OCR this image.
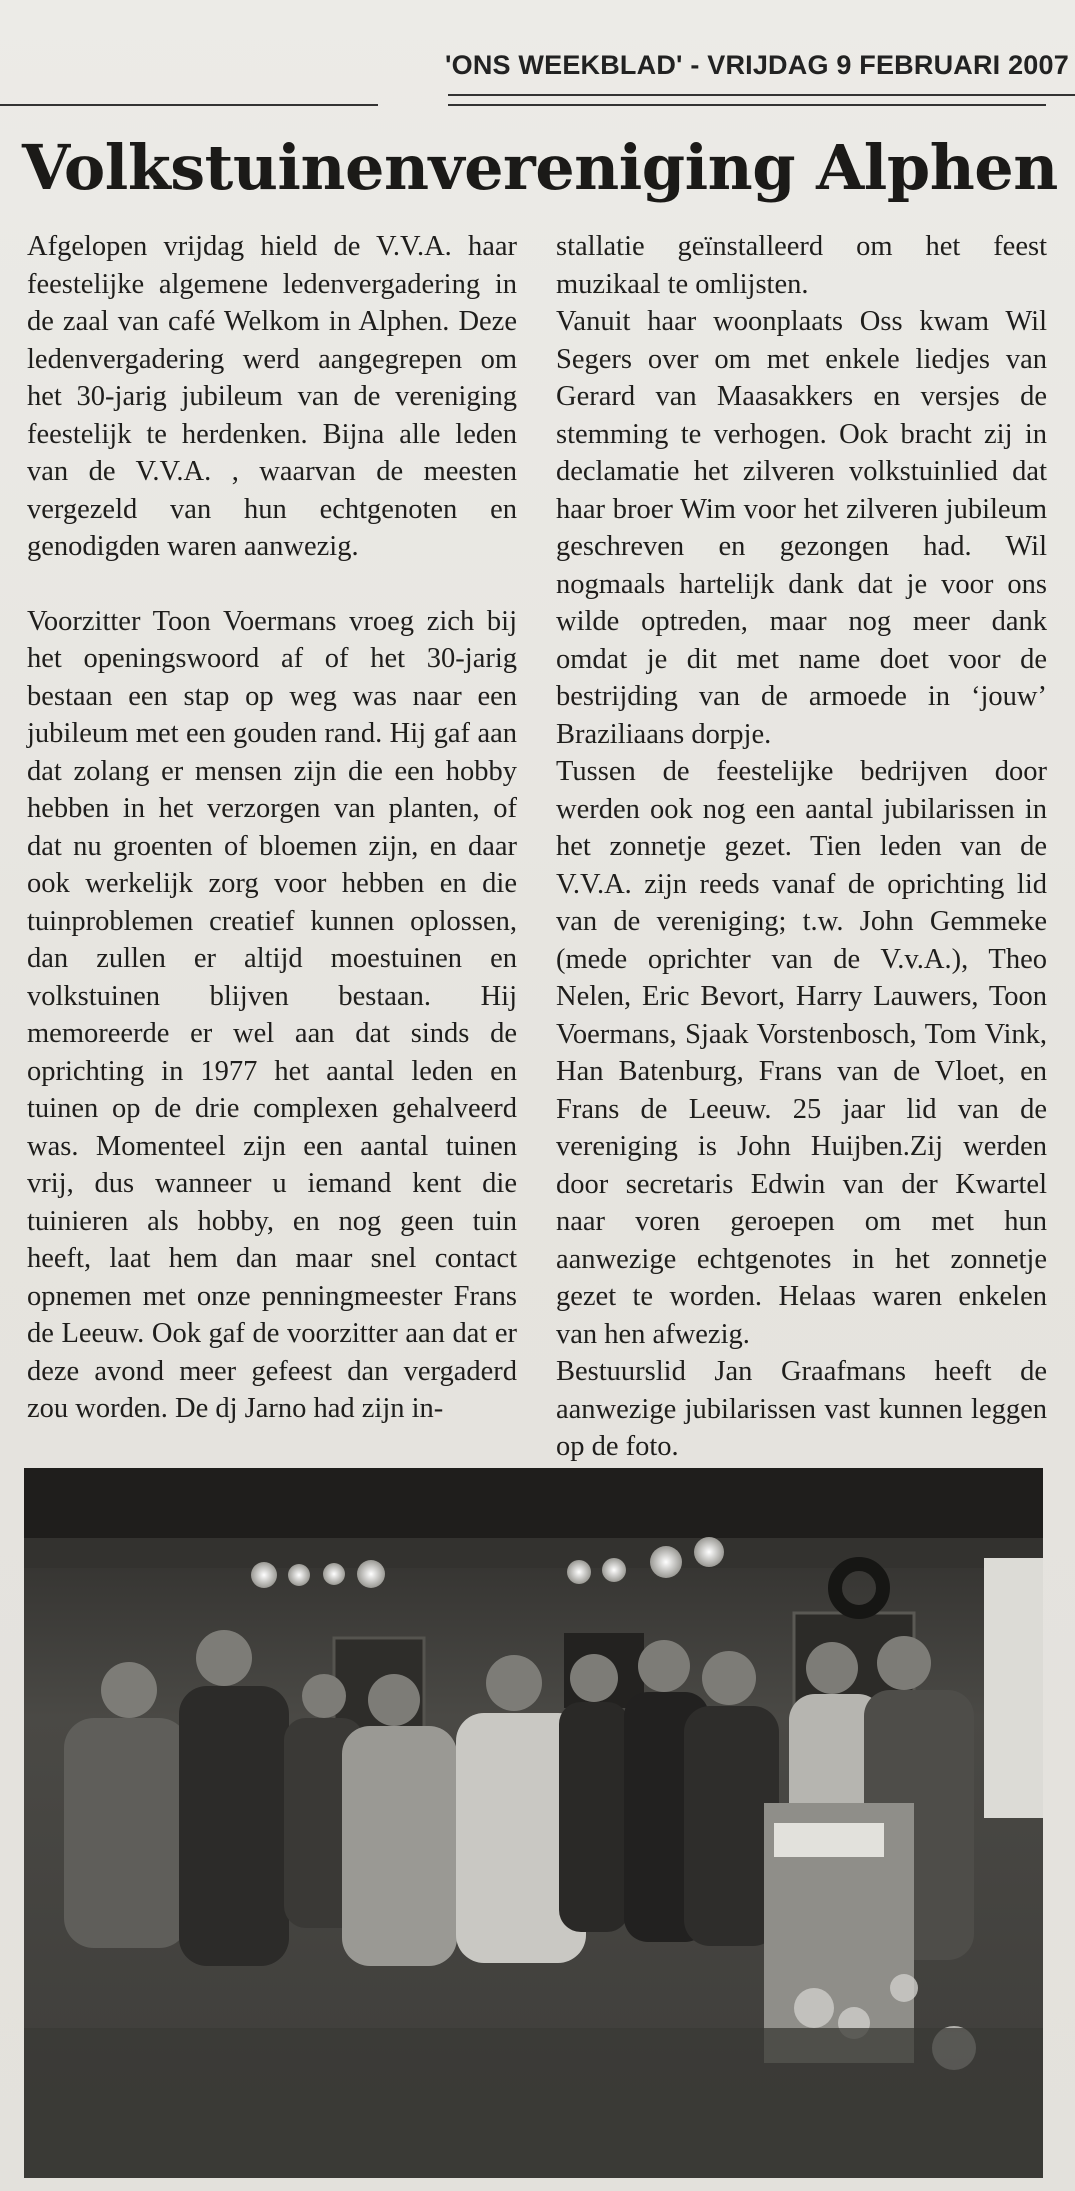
'ONS WEEKBLAD' - VRIJDAG 9 FEBRUARI 2007
Volkstuinenvereniging Alphen

Afgelopen vrijdag hield de V.V.A. haar feestelijke algemene ledenvergadering in de zaal van café Welkom in Alphen. Deze ledenvergadering werd aangegrepen om het 30-jarig jubileum van de vereniging feestelijk te herdenken. Bijna alle leden van de V.V.A. , waarvan de meesten vergezeld van hun echtgenoten en genodigden waren aanwezig.

Voorzitter Toon Voermans vroeg zich bij het openingswoord af of het 30-jarig bestaan een stap op weg was naar een jubileum met een gouden rand. Hij gaf aan dat zolang er mensen zijn die een hobby hebben in het verzorgen van planten, of dat nu groenten of bloemen zijn, en daar ook werkelijk zorg voor hebben en die tuinproblemen creatief kunnen oplossen, dan zullen er altijd moestuinen en volkstuinen blijven bestaan. Hij memoreerde er wel aan dat sinds de oprichting in 1977 het aantal leden en tuinen op de drie complexen gehalveerd was. Momenteel zijn een aantal tuinen vrij, dus wanneer u iemand kent die tuinieren als hobby, en nog geen tuin heeft, laat hem dan maar snel contact opnemen met onze penningmeester Frans de Leeuw. Ook gaf de voorzitter aan dat er deze avond meer gefeest dan vergaderd zou worden. De dj Jarno had zijn in-

stallatie geïnstalleerd om het feest muzikaal te omlijsten.

Vanuit haar woonplaats Oss kwam Wil Segers over om met enkele liedjes van Gerard van Maasakkers en versjes de stemming te verhogen. Ook bracht zij in declamatie het zilveren volkstuinlied dat haar broer Wim voor het zilveren jubileum geschreven en gezongen had. Wil nogmaals hartelijk dank dat je voor ons wilde optreden, maar nog meer dank omdat je dit met name doet voor de bestrijding van de armoede in ‘jouw’ Braziliaans dorpje.

Tussen de feestelijke bedrijven door werden ook nog een aantal jubilarissen in het zonnetje gezet. Tien leden van de V.V.A. zijn reeds vanaf de oprichting lid van de vereniging; t.w. John Gemmeke (mede oprichter van de V.v.A.), Theo Nelen, Eric Bevort, Harry Lauwers, Toon Voermans, Sjaak Vorstenbosch, Tom Vink, Han Batenburg, Frans van de Vloet, en Frans de Leeuw. 25 jaar lid van de vereniging is John Huijben.Zij werden door secretaris Edwin van der Kwartel naar voren geroepen om met hun aanwezige echtgenotes in het zonnetje gezet te worden. Helaas waren enkelen van hen afwezig.

Bestuurslid Jan Graafmans heeft de aanwezige jubilarissen vast kunnen leggen op de foto.
